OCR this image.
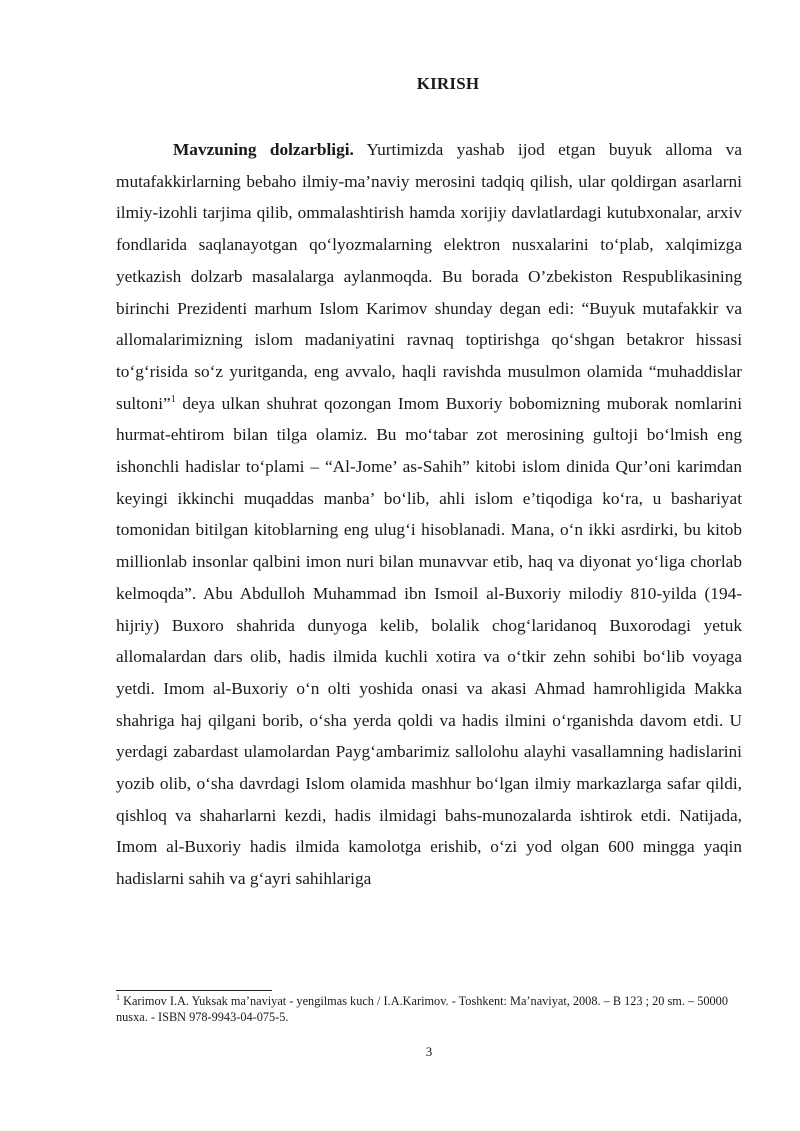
KIRISH

Mavzuning dolzarbligi. Yurtimizda yashab ijod etgan buyuk alloma va mutafakkirlarning bebaho ilmiy-ma’naviy merosini tadqiq qilish, ular qoldirgan asarlarni ilmiy-izohli tarjima qilib, ommalashtirish hamda xorijiy davlatlardagi kutubxonalar, arxiv fondlarida saqlanayotgan qo‘lyozmalarning elektron nusxalarini to‘plab, xalqimizga yetkazish dolzarb masalalarga aylanmoqda. Bu borada O’zbekiston Respublikasining birinchi Prezidenti marhum Islom Karimov shunday degan edi: “Buyuk mutafakkir va allomalarimizning islom madaniyatini ravnaq toptirishga qo‘shgan betakror hissasi to‘g‘risida so‘z yuritganda, eng avvalo, haqli ravishda musulmon olamida “muhaddislar sultoni”$^1$ deya ulkan shuhrat qozongan Imom Buxoriy bobomizning muborak nomlarini hurmat-ehtirom bilan tilga olamiz. Bu mo‘tabar zot merosining gultoji bo‘lmish eng ishonchli hadislar to‘plami – “Al-Jome’ as-Sahih” kitobi islom dinida Qur’oni karimdan keyingi ikkinchi muqaddas manba’ bo‘lib, ahli islom e’tiqodiga ko‘ra, u bashariyat tomonidan bitilgan kitoblarning eng ulug‘i hisoblanadi. Mana, o‘n ikki asrdirki, bu kitob millionlab insonlar qalbini imon nuri bilan munavvar etib, haq va diyonat yo‘liga chorlab kelmoqda”. Abu Abdulloh Muhammad ibn Ismoil al-Buxoriy milodiy 810-yilda (194-hijriy) Buxoro shahrida dunyoga kelib, bolalik chog‘laridanoq Buxorodagi yetuk allomalardan dars olib, hadis ilmida kuchli xotira va o‘tkir zehn sohibi bo‘lib voyaga yetdi. Imom al-Buxoriy o‘n olti yoshida onasi va akasi Ahmad hamrohligida Makka shahriga haj qilgani borib, o‘sha yerda qoldi va hadis ilmini o‘rganishda davom etdi. U yerdagi zabardast ulamolardan Payg‘ambarimiz sallolohu alayhi vasallamning hadislarini yozib olib, o‘sha davrdagi Islom olamida mashhur bo‘lgan ilmiy markazlarga safar qildi, qishloq va shaharlarni kezdi, hadis ilmidagi bahs-munozalarda ishtirok etdi. Natijada, Imom al-Buxoriy hadis ilmida kamolotga erishib, o‘zi yod olgan 600 mingga yaqin hadislarni sahih va g‘ayri sahihlariga

$^1$ Karimov I.A. Yuksak ma’naviyat - yengilmas kuch / I.A.Karimov. - Toshkent: Ma’naviyat, 2008. – B 123 ; 20 sm. – 50000 nusxa. - ISBN 978-9943-04-075-5.

3
